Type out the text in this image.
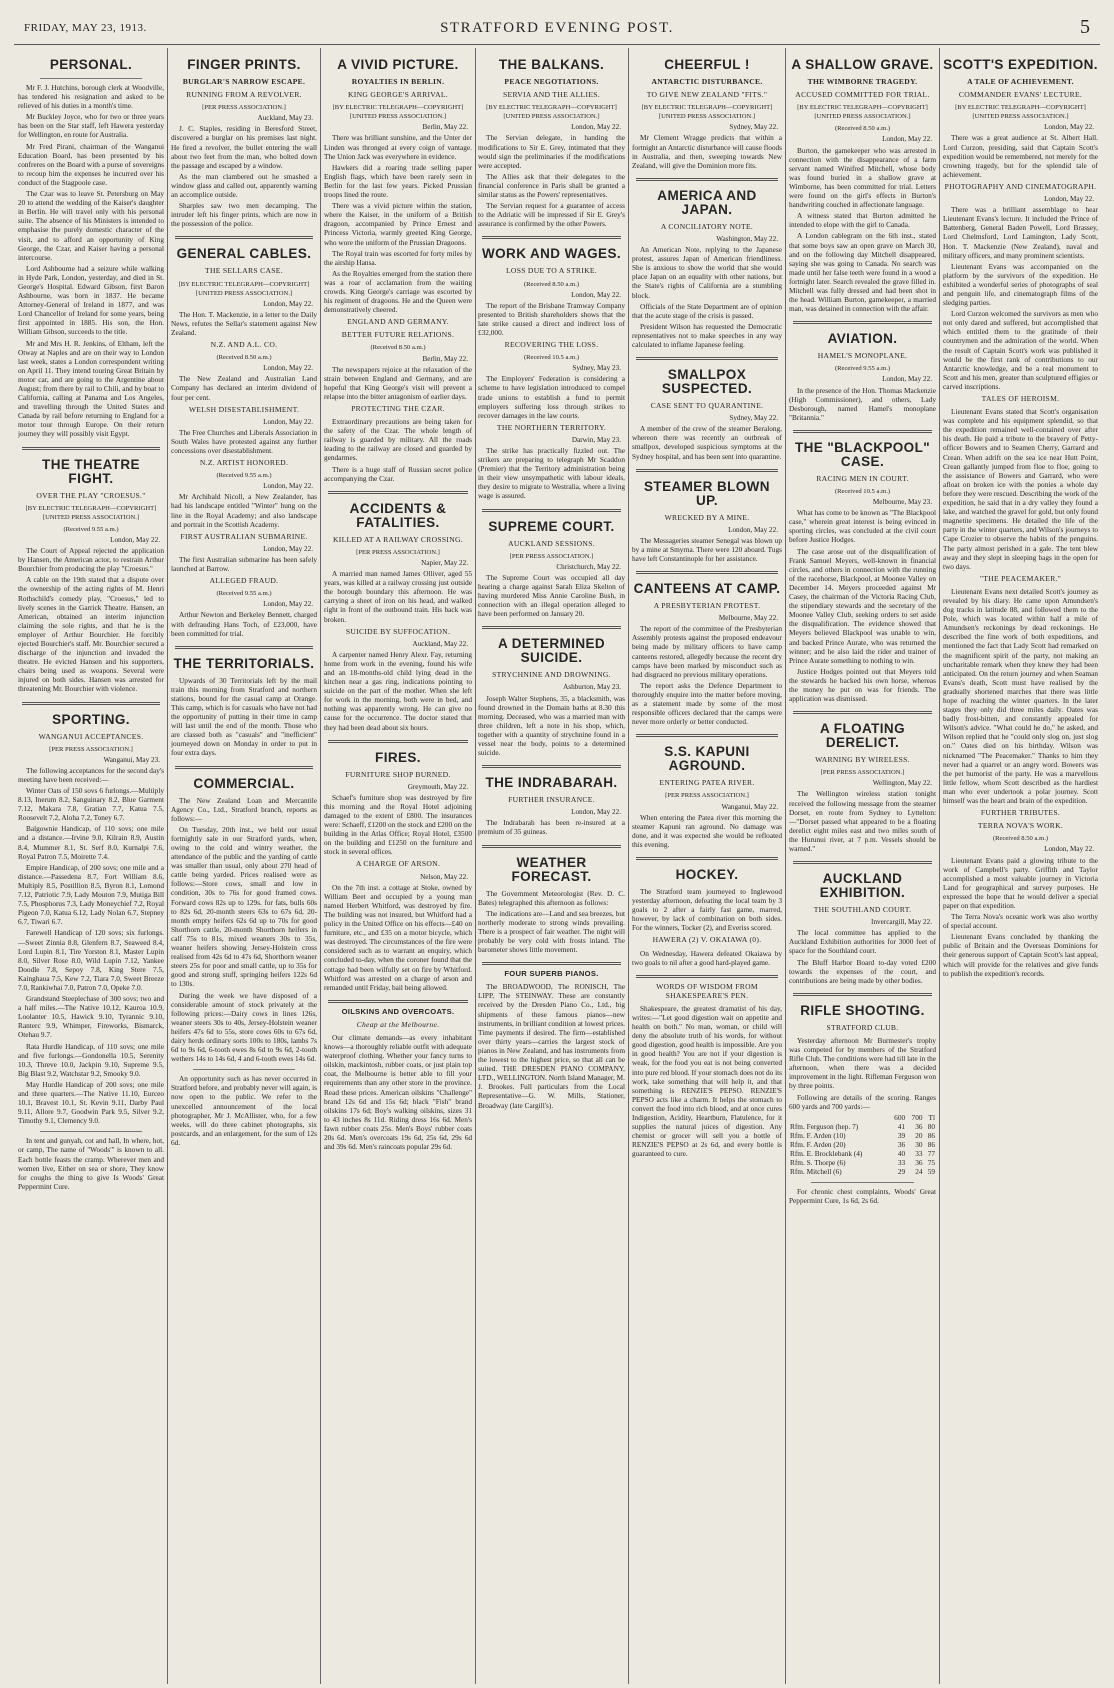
FRIDAY, MAY 23, 1913.	STRATFORD EVENING POST.	5
PERSONAL.

Mr F. J. Hutchins, borough clerk at Woodville, has tendered his resignation and asked to be relieved of his duties in a month's time.

Mr Buckley Joyce, who for two or three years has been on the Star staff, left Hawera yesterday for Wellington, en route for Australia.

Mr Fred Pirani, chairman of the Wanganui Education Board, has been presented by his confreres on the Board with a purse of sovereigns to recoup him the expenses he incurred over his conduct of the Stagpoole case.

The Czar was to leave St. Petersburg on May 20 to attend the wedding of the Kaiser's daughter in Berlin. He will travel only with his personal suite. The absence of his Ministers is intended to emphasise the purely domestic character of the visit, and to afford an opportunity of King George, the Czar, and Kaiser having a personal intercourse.

Lord Ashbourne had a seizure while walking in Hyde Park, London, yesterday, and died in St. George's Hospital. Edward Gibson, first Baron Ashbourne, was born in 1837. He became Attorney-General of Ireland in 1877, and was Lord Chancellor of Ireland for some years, being first appointed in 1885. His son, the Hon. William Gibson, succeeds to the title.

Mr and Mrs H. R. Jenkins, of Eltham, left the Otway at Naples and are on their way to London last week, states a London correspondent writing on April 11. They intend touring Great Britain by motor car, and are going to the Argentine about August; from there by rail to Chili, and by boat to California, calling at Panama and Los Angeles, and travelling through the United States and Canada by rail before returning to England for a motor tour through Europe. On their return journey they will possibly visit Egypt.

THE THEATRE FIGHT.
OVER THE PLAY "CROESUS."
[BY ELECTRIC TELEGRAPH—COPYRIGHT] [UNITED PRESS ASSOCIATION.]
(Received 9.55 a.m.)
London, May 22.

The Court of Appeal rejected the application by Hansen, the American actor, to restrain Arthur Bourchier from producing the play "Croesus."

A cable on the 19th stated that a dispute over the ownership of the acting rights of M. Henri Rothschild's comedy play, "Croesus," led to lively scenes in the Garrick Theatre. Hansen, an American, obtained an interim injunction claiming the sole rights, and that he is the employer of Arthur Bourchier. He forcibly ejected Bourchier's staff. Mr. Bourchier secured a discharge of the injunction and invaded the theatre. He evicted Hansen and his supporters, chairs being used as weapons. Several were injured on both sides. Hansen was arrested for threatening Mr. Bourchier with violence.

SPORTING.
WANGANUI ACCEPTANCES.
[PER PRESS ASSOCIATION.]
Wanganui, May 23.

The following acceptances for the second day's meeting have been received:—

Winter Oats of 150 sovs 6 furlongs.—Multiply 8.13, Inerum 8.2, Sanguinary 8.2, Blue Garment 7.12, Makara 7.8, Gratian 7.7, Katua 7.5, Roosevelt 7.2, Aloha 7.2, Toney 6.7.

Balgownie Handicap, of 110 sovs; one mile and a distance.—Irvine 9.0, Kilrain 8.9, Austin 8.4, Mummer 8.1, St. Serf 8.0, Kurnalpi 7.6, Royal Patron 7.5, Moirette 7.4.

Empire Handicap, of 200 sovs; one mile and a distance.—Passedena 8.7, Fort William 8.6, Multiply 8.5, Postillion 8.5, Byron 8.1, Lomond 7.12, Patriotic 7.9, Lady Mouton 7.9, Mutiga Bill 7.5, Phosphorus 7.3, Lady Moneychief 7.2, Royal Pigeon 7.0, Katua 6.12, Lady Nolan 6.7, Stepney 6.7, Tiwari 6.7.

Farewell Handicap of 120 sovs; six furlongs.—Sweet Zinnia 8.8, Glenfern 8.7, Seaweed 8.4, Lord Lupin 8.1, Tire Yorston 8.1, Master Lupin 8.0, Silver Rose 8.0, Wild Lupin 7.12, Yankee Doodle 7.8, Sepoy 7.8, King Stere 7.5, Kainghaua 7.5, Kew 7.2, Tiara 7.0, Sweet Breeze 7.0, Rankiwhai 7.0, Patron 7.0, Opeke 7.0.

Grandstand Steeplechase of 300 sovs; two and a half miles.—The Native 10.12, Kauroa 10.9, Loolanter 10.5, Hawick 9.10, Tyrannic 9.10, Ranterc 9.9, Whimper, Fireworks, Bismarck, Otehau 9.7.

Rata Hurdle Handicap, of 110 sovs; one mile and five furlongs.—Gondonella 10.5, Serenity 10.3, Threve 10.0, Jackpin 9.10, Supreme 9.5, Big Blast 9.2, Watchstar 9.2, Smooky 9.0.

May Hurdle Handicap of 200 sovs; one mile and three quarters.—The Native 11.10, Eurceo 10.1, Bravest 10.1, St. Kevin 9.11, Darby Paul 9.11, Allore 9.7, Goodwin Park 9.5, Silver 9.2, Timothy 9.1, Clemency 9.0.

In tent and gunyah, cot and hall, In where, hot, or camp, The name of "Woods'" is known to all. Each bottle feasts the cramp. Wherever men and women live, Either on sea or shore, They know for coughs the thing to give Is Woods' Great Peppermint Cure.

FINGER PRINTS.
BURGLAR'S NARROW ESCAPE.
RUNNING FROM A REVOLVER.
[PER PRESS ASSOCIATION.]
Auckland, May 23.

J. C. Staples, residing in Beresford Street, discovered a burglar on his premises last night. He fired a revolver, the bullet entering the wall about two feet from the man, who bolted down the passage and escaped by a window.

As the man clambered out he smashed a window glass and called out, apparently warning an accomplice outside.

Sharples saw two men decamping. The intruder left his finger prints, which are now in the possession of the police.

GENERAL CABLES.
THE SELLARS CASE.
[BY ELECTRIC TELEGRAPH—COPYRIGHT] [UNITED PRESS ASSOCIATION.]
London, May 22.

The Hon. T. Mackenzie, in a letter to the Daily News, refutes the Sellar's statement against New Zealand.

N.Z. AND A.L. CO.
(Received 8.50 a.m.)
London, May 22.

The New Zealand and Australian Land Company has declared an interim dividend of four per cent.

WELSH DISESTABLISHMENT.
London, May 22.

The Free Churches and Liberals Association in South Wales have protested against any further concessions over disestablishment.

N.Z. ARTIST HONORED.
(Received 9.55 a.m.)
London, May 22.

Mr Archibald Nicoll, a New Zealander, has had his landscape entitled "Winter" hung on the line in the Royal Academy; and also landscape and portrait in the Scottish Academy.

FIRST AUSTRALIAN SUBMARINE.
London, May 22.

The first Australian submarine has been safely launched at Barrow.

ALLEGED FRAUD.
(Received 9.55 a.m.)
London, May 22.

Arthur Newton and Berkeley Bennett, charged with defrauding Hans Toch, of £23,000, have been committed for trial.

THE TERRITORIALS.

Upwards of 30 Territorials left by the mail train this morning from Stratford and northern stations, bound for the casual camp at Orange. This camp, which is for casuals who have not had the opportunity of putting in their time in camp will last until the end of the month. Those who are classed both as "casuals" and "inefficient" journeyed down on Monday in order to put in four extra days.

COMMERCIAL.

The New Zealand Loan and Mercantile Agency Co., Ltd., Stratford branch, reports as follows:—

On Tuesday, 20th inst., we held our usual fortnightly sale in our Stratford yards, when, owing to the cold and wintry weather, the attendance of the public and the yarding of cattle was smaller than usual, only about 270 head of cattle being yarded. Prices realised were as follows:—Store cows, small and low in condition, 30s to 76s for good framed cows. Forward cows 82s up to 129s. for fats, bulls 60s to 82s 6d, 20-month steers 63s to 67s 6d, 20-month empty heifers 62s 6d up to 70s for good Shorthorn cattle, 20-month Shorthorn heifers in calf 75s to 81s, mixed weaners 30s to 35s, weaner heifers showing Jersey-Holstein cross realised from 42s 6d to 47s 6d, Shorthorn weaner steers 25s for poor and small cattle, up to 35s for good and strong stuff, springing heifers 122s 6d to 130s.

During the week we have disposed of a considerable amount of stock privately at the following prices:—Dairy cows in lines 126s, weaner steers 30s to 40s, Jersey-Holstein weaner heifers 47s 6d to 55s, store cows 60s to 67s 6d, dairy herds ordinary sorts 100s to 180s, lambs 7s 6d to 9s 6d, 6-tooth ewes 8s 6d to 9s 6d, 2-tooth wethers 14s to 14s 6d, 4 and 6-tooth ewes 14s 6d.

An opportunity such as has never occurred in Stratford before, and probably never will again, is now open to the public. We refer to the unexcelled announcement of the local photographer, Mr J. McAllister, who, for a few weeks, will do three cabinet photographs, six postcards, and an enlargement, for the sum of 12s 6d.

A VIVID PICTURE.
ROYALTIES IN BERLIN.
KING GEORGE'S ARRIVAL.
[BY ELECTRIC TELEGRAPH—COPYRIGHT] [UNITED PRESS ASSOCIATION.]
Berlin, May 22.

There was brilliant sunshine, and the Unter der Linden was thronged at every coign of vantage. The Union Jack was everywhere in evidence.

Hawkers did a roaring trade selling paper English flags, which have been rarely seen in Berlin for the last few years. Picked Prussian troops lined the route.

There was a vivid picture within the station, where the Kaiser, in the uniform of a British dragoon, accompanied by Prince Ernest and Princess Victoria, warmly greeted King George, who wore the uniform of the Prussian Dragoons.

The Royal train was escorted for forty miles by the airship Hansa.

As the Royalties emerged from the station there was a roar of acclamation from the waiting crowds. King George's carriage was escorted by his regiment of dragoons. He and the Queen were demonstratively cheered.

ENGLAND AND GERMANY.
BETTER FUTURE RELATIONS.
(Received 8.50 a.m.)
Berlin, May 22.

The newspapers rejoice at the relaxation of the strain between England and Germany, and are hopeful that King George's visit will prevent a relapse into the bitter antagonism of earlier days.

PROTECTING THE CZAR.

Extraordinary precautions are being taken for the safety of the Czar. The whole length of railway is guarded by military. All the roads leading to the railway are closed and guarded by gendarmes.

There is a huge staff of Russian secret police accompanying the Czar.

ACCIDENTS & FATALITIES.
KILLED AT A RAILWAY CROSSING.
[PER PRESS ASSOCIATION.]
Napier, May 22.

A married man named James Olliver, aged 55 years, was killed at a railway crossing just outside the borough boundary this afternoon. He was carrying a sheet of iron on his head, and walked right in front of the outbound train. His back was broken.

SUICIDE BY SUFFOCATION.
Auckland, May 22.

A carpenter named Henry Alexr. Fay, returning home from work in the evening, found his wife and an 18-months-old child lying dead in the kitchen near a gas ring, indications pointing to suicide on the part of the mother. When she left for work in the morning, both were in bed, and nothing was apparently wrong. He can give no cause for the occurrence. The doctor stated that they had been dead about six hours.

FIRES.
FURNITURE SHOP BURNED.
Greymouth, May 22.

Schaef's furniture shop was destroyed by fire this morning and the Royal Hotel adjoining damaged to the extent of £800. The insurances were: Schaeff, £1200 on the stock and £200 on the building in the Atlas Office; Royal Hotel, £3500 on the building and £1250 on the furniture and stock in several offices.

A CHARGE OF ARSON.
Nelson, May 22.

On the 7th inst. a cottage at Stoke, owned by William Beet and occupied by a young man named Herbert Whitford, was destroyed by fire. The building was not insured, but Whitford had a policy in the United Office on his effects—£40 on furniture, etc., and £35 on a motor bicycle, which was destroyed. The circumstances of the fire were considered such as to warrant an enquiry, which concluded to-day, when the coroner found that the cottage had been wilfully set on fire by Whitford. Whitford was arrested on a charge of arson and remanded until Friday, bail being allowed.

OILSKINS AND OVERCOATS.
Cheap at the Melbourne.

Our climate demands—as every inhabitant knows—a thoroughly reliable outfit with adequate waterproof clothing. Whether your fancy turns to oilskin, mackintosh, rubber coats, or just plain top coat, the Melbourne is better able to fill your requirements than any other store in the province. Read these prices. American oilskins "Challenge" brand 12s 6d and 15s 6d; black "Fish" brand oilskins 17s 6d; Boy's walking oilskins, sizes 31 to 43 inches 8s 11d. Riding dress 16s 6d. Men's fawn rubber coats 25s. Men's Boys' rubber coats 20s 6d. Men's overcoats 19s 6d, 25s 6d, 29s 6d and 39s 6d. Men's raincoats popular 29s 6d.

THE BALKANS.
PEACE NEGOTIATIONS.
SERVIA AND THE ALLIES.
[BY ELECTRIC TELEGRAPH—COPYRIGHT] [UNITED PRESS ASSOCIATION.]
London, May 22.

The Servian delegate, in handing the modifications to Sir E. Grey, intimated that they would sign the preliminaries if the modifications were accepted.

The Allies ask that their delegates to the financial conference in Paris shall be granted a similar status as the Powers' representatives.

The Servian request for a guarantee of access to the Adriatic will be impressed if Sir E. Grey's assurance is confirmed by the other Powers.

WORK AND WAGES.
LOSS DUE TO A STRIKE.
(Received 8.50 a.m.)
London, May 22.

The report of the Brisbane Tramway Company presented to British shareholders shows that the late strike caused a direct and indirect loss of £32,000.

RECOVERING THE LOSS.
(Received 10.5 a.m.)
Sydney, May 23.

The Employers' Federation is considering a scheme to have legislation introduced to compel trade unions to establish a fund to permit employers suffering loss through strikes to recover damages in the law courts.

THE NORTHERN TERRITORY.
Darwin, May 23.

The strike has practically fizzled out. The strikers are preparing to telegraph Mr Scaddon (Premier) that the Territory administration being in their view unsympathetic with labour ideals, they desire to migrate to Westralia, where a living wage is assured.

SUPREME COURT.
AUCKLAND SESSIONS.
[PER PRESS ASSOCIATION.]
Christchurch, May 22.

The Supreme Court was occupied all day hearing a charge against Sarah Eliza Skelton of having murdered Miss Annie Caroline Bush, in connection with an illegal operation alleged to have been performed on January 20.

A DETERMINED SUICIDE.
STRYCHNINE AND DROWNING.
Ashburton, May 23.

Joseph Walter Stephens, 35, a blacksmith, was found drowned in the Domain baths at 8.30 this morning. Deceased, who was a married man with three children, left a note in his shop, which, together with a quantity of strychnine found in a vessel near the body, points to a determined suicide.

THE INDRABARAH.
FURTHER INSURANCE.
London, May 22.

The Indrabarah has been re-insured at a premium of 35 guineas.

WEATHER FORECAST.

The Government Meteorologist (Rev. D. C. Bates) telegraphed this afternoon as follows:

The indications are—Land and sea breezes, but northerly moderate to strong winds prevailing. There is a prospect of fair weather. The night will probably be very cold with frosts inland. The barometer shows little movement.

FOUR SUPERB PIANOS.

The BROADWOOD, The RONISCH, The LIPP, The STEINWAY. These are constantly received by the Dresden Piano Co., Ltd., big shipments of these famous pianos—new instruments, in brilliant condition at lowest prices. Time payments if desired. The firm—established over thirty years—carries the largest stock of pianos in New Zealand, and has instruments from the lowest to the highest price, so that all can be suited. THE DRESDEN PIANO COMPANY, LTD., WELLINGTON. North Island Manager, M. J. Brookes. Full particulars from the Local Representative—G. W. Mills, Stationer, Broadway (late Cargill's).

CHEERFUL !
ANTARCTIC DISTURBANCE.
TO GIVE NEW ZEALAND "FITS."
[BY ELECTRIC TELEGRAPH—COPYRIGHT] [UNITED PRESS ASSOCIATION.]
Sydney, May 22.

Mr Clement Wragge predicts that within a fortnight an Antarctic disturbance will cause floods in Australia, and then, sweeping towards New Zealand, will give the Dominion more fits.

AMERICA AND JAPAN.
A CONCILIATORY NOTE.
Washington, May 22.

An American Note, replying to the Japanese protest, assures Japan of American friendliness. She is anxious to show the world that she would place Japan on an equality with other nations, but the State's rights of California are a stumbling block.

Officials of the State Department are of opinion that the acute stage of the crisis is passed.

President Wilson has requested the Democratic representatives not to make speeches in any way calculated to inflame Japanese feeling.

SMALLPOX SUSPECTED.
CASE SENT TO QUARANTINE.
Sydney, May 22.

A member of the crew of the steamer Beralong, whereon there was recently an outbreak of smallpox, developed suspicious symptoms at the Sydney hospital, and has been sent into quarantine.

STEAMER BLOWN UP.
WRECKED BY A MINE.
London, May 22.

The Messageries steamer Senegal was blown up by a mine at Smyrna. There were 120 aboard. Tugs have left Constantinople for her assistance.

CANTEENS AT CAMP.
A PRESBYTERIAN PROTEST.
Melbourne, May 22.

The report of the committee of the Presbyterian Assembly protests against the proposed endeavour being made by military officers to have camp canteens restored, allegedly because the recent dry camps have been marked by misconduct such as had disgraced no previous military operations.

The report asks the Defence Department to thoroughly enquire into the matter before moving, as a statement made by some of the most responsible officers declared that the camps were never more orderly or better conducted.

S.S. KAPUNI AGROUND.
ENTERING PATEA RIVER.
[PER PRESS ASSOCIATION.]
Wanganui, May 22.

When entering the Patea river this morning the steamer Kapuni ran aground. No damage was done, and it was expected she would be refloated this evening.

HOCKEY.

The Stratford team journeyed to Inglewood yesterday afternoon, defeating the local team by 3 goals to 2 after a fairly fast game, marred, however, by lack of combination on both sides. For the winners, Tocker (2), and Everiss scored.

HAWERA (2) V. OKAIAWA (0).

On Wednesday, Hawera defeated Okaiawa by two goals to nil after a good hard-played game.

WORDS OF WISDOM FROM SHAKESPEARE'S PEN.

Shakespeare, the greatest dramatist of his day, writes:—"Let good digestion wait on appetite and health on both." No man, woman, or child will deny the absolute truth of his words, for without good digestion, good health is impossible. Are you in good health? You are not if your digestion is weak, for the food you eat is not being converted into pure red blood. If your stomach does not do its work, take something that will help it, and that something is RENZIE'S PEPSO. RENZIE'S PEPSO acts like a charm. It helps the stomach to convert the food into rich blood, and at once cures Indigestion, Acidity, Heartburn, Flatulence, for it supplies the natural juices of digestion. Any chemist or grocer will sell you a bottle of RENZIE'S PEPSO at 2s 6d, and every bottle is guaranteed to cure.

A SHALLOW GRAVE.
THE WIMBORNE TRAGEDY.
ACCUSED COMMITTED FOR TRIAL.
[BY ELECTRIC TELEGRAPH—COPYRIGHT] [UNITED PRESS ASSOCIATION.]
(Received 8.50 a.m.)
London, May 22.

Burton, the gamekeeper who was arrested in connection with the disappearance of a farm servant named Winifred Mitchell, whose body was found buried in a shallow grave at Wimborne, has been committed for trial. Letters were found on the girl's effects in Burton's handwriting couched in affectionate language.

A witness stated that Burton admitted he intended to elope with the girl to Canada.

A London cablegram on the 6th inst., stated that some boys saw an open grave on March 30, and on the following day Mitchell disappeared, saying she was going to Canada. No search was made until her false teeth were found in a wood a fortnight later. Search revealed the grave filled in. Mitchell was fully dressed and had been shot in the head. William Burton, gamekeeper, a married man, was detained in connection with the affair.

AVIATION.
HAMEL'S MONOPLANE.
(Received 9.55 a.m.)
London, May 22.

In the presence of the Hon. Thomas Mackenzie (High Commissioner), and others, Lady Desborough, named Hamel's monoplane "Britannia."

THE "BLACKPOOL" CASE.
RACING MEN IN COURT.
(Received 10.5 a.m.)
Melbourne, May 23.

What has come to be known as "The Blackpool case," wherein great interest is being evinced in sporting circles, was concluded at the civil court before Justice Hodges.

The case arose out of the disqualification of Frank Samuel Meyers, well-known in financial circles, and others in connection with the running of the racehorse, Blackpool, at Moonee Valley on December 14. Meyers proceeded against Mr Casey, the chairman of the Victoria Racing Club, the stipendiary stewards and the secretary of the Moonee Valley Club, seeking orders to set aside the disqualification. The evidence showed that Meyers believed Blackpool was unable to win, and backed Prince Aurate, who was returned the winner; and he also laid the rider and trainer of Prince Aurate something to nothing to win.

Justice Hodges pointed out that Meyers told the stewards he backed his own horse, whereas the money he put on was for friends. The application was dismissed.

A FLOATING DERELICT.
WARNING BY WIRELESS.
[PER PRESS ASSOCIATION.]
Wellington, May 22.

The Wellington wireless station tonight received the following message from the steamer Dorset, en route from Sydney to Lyttelton:—"Dorset passed what appeared to be a floating derelict eight miles east and two miles south of the Hurunui river, at 7 p.m. Vessels should be warned."

AUCKLAND EXHIBITION.
THE SOUTHLAND COURT.
Invercargill, May 22.

The local committee has applied to the Auckland Exhibition authorities for 3000 feet of space for the Southland court.

The Bluff Harbor Board to-day voted £200 towards the expenses of the court, and contributions are being made by other bodies.

RIFLE SHOOTING.
STRATFORD CLUB.

Yesterday afternoon Mr Burmester's trophy was competed for by members of the Stratford Rifle Club. The conditions were had till late in the afternoon, when there was a decided improvement in the light. Rifleman Ferguson won by three points.

Following are details of the scoring. Ranges 600 yards and 700 yards:—

	600	700	Tl
Rfm. Ferguson (hep. 7)	41	36	80
Rfm. F. Arden (10)	39	20	86
Rfm. F. Arden (20)	36	30	86
Rfm. E. Brocklebank (4)	40	33	77
Rfm. S. Thorpe (6)	33	36	75
Rfm. Mitchell (6)	29	24	59

For chronic chest complaints, Woods' Great Peppermint Cure, 1s 6d, 2s 6d.

SCOTT'S EXPEDITION.
A TALE OF ACHIEVEMENT.
COMMANDER EVANS' LECTURE.
[BY ELECTRIC TELEGRAPH—COPYRIGHT] [UNITED PRESS ASSOCIATION.]
London, May 22.

There was a great audience at St. Albert Hall. Lord Curzon, presiding, said that Captain Scott's expedition would be remembered, not merely for the crowning tragedy, but for the splendid tale of achievement.

PHOTOGRAPHY AND CINEMATOGRAPH.
London, May 22.

There was a brilliant assemblage to hear Lieutenant Evans's lecture. It included the Prince of Battenberg, General Baden Powell, Lord Brassey, Lord Chelmsford, Lord Lamington, Lady Scott, Hon. T. Mackenzie (New Zealand), naval and military officers, and many prominent scientists.

Lieutenant Evans was accompanied on the platform by the survivors of the expedition. He exhibited a wonderful series of photographs of seal and penguin life, and cinematograph films of the sledging parties.

Lord Curzon welcomed the survivors as men who not only dared and suffered, but accomplished that which entitled them to the gratitude of their countrymen and the admiration of the world. When the result of Captain Scott's work was published it would be the first rank of contributions to our Antarctic knowledge, and be a real monument to Scott and his men, greater than sculptured effigies or carved inscriptions.

TALES OF HEROISM.

Lieutenant Evans stated that Scott's organisation was complete and his equipment splendid, so that the expedition remained well-contained over after his death. He paid a tribute to the bravery of Petty-officer Bowers and to Seamen Cherry, Garrard and Crean. When adrift on the sea ice near Hutt Point, Crean gallantly jumped from floe to floe, going to the assistance of Bowers and Garrard, who were afloat on broken ice with the ponies a whole day before they were rescued. Describing the work of the expedition, he said that in a dry valley they found a lake, and watched the gravel for gold, but only found magnetite specimens. He detailed the life of the party in the winter quarters, and Wilson's journeys to Cape Crozier to observe the habits of the penguins. The party almost perished in a gale. The tent blew away and they slept in sleeping bags in the open for two days.

"THE PEACEMAKER."

Lieutenant Evans next detailed Scott's journey as revealed by his diary. He came upon Amundsen's dog tracks in latitude 88, and followed them to the Pole, which was located within half a mile of Amundsen's reckonings by dead reckonings. He described the fine work of both expeditions, and mentioned the fact that Lady Scott had remarked on the magnificent spirit of the party, not making an uncharitable remark when they knew they had been anticipated. On the return journey and when Seaman Evans's death, Scott must have realised by the gradually shortened marches that there was little hope of reaching the winter quarters. In the later stages they only did three miles daily. Oates was badly frost-bitten, and constantly appealed for Wilson's advice. "What could he do," he asked, and Wilson replied that he "could only slog on, just slog on." Oates died on his birthday. Wilson was nicknamed "The Peacemaker." Thanks to him they never had a quarrel or an angry word. Bowers was the pet humorist of the party. He was a marvellous little fellow, whom Scott described as the hardiest man who ever undertook a polar journey. Scott himself was the heart and brain of the expedition.

FURTHER TRIBUTES.
TERRA NOVA'S WORK.
(Received 8.50 a.m.)
London, May 22.

Lieutenant Evans paid a glowing tribute to the work of Campbell's party. Griffith and Taylor accomplished a most valuable journey in Victoria Land for geographical and survey purposes. He expressed the hope that he would deliver a special paper on that expedition.

The Terra Nova's oceanic work was also worthy of special account.

Lieutenant Evans concluded by thanking the public of Britain and the Overseas Dominions for their generous support of Captain Scott's last appeal, which will provide for the relatives and give funds to publish the expedition's records.
